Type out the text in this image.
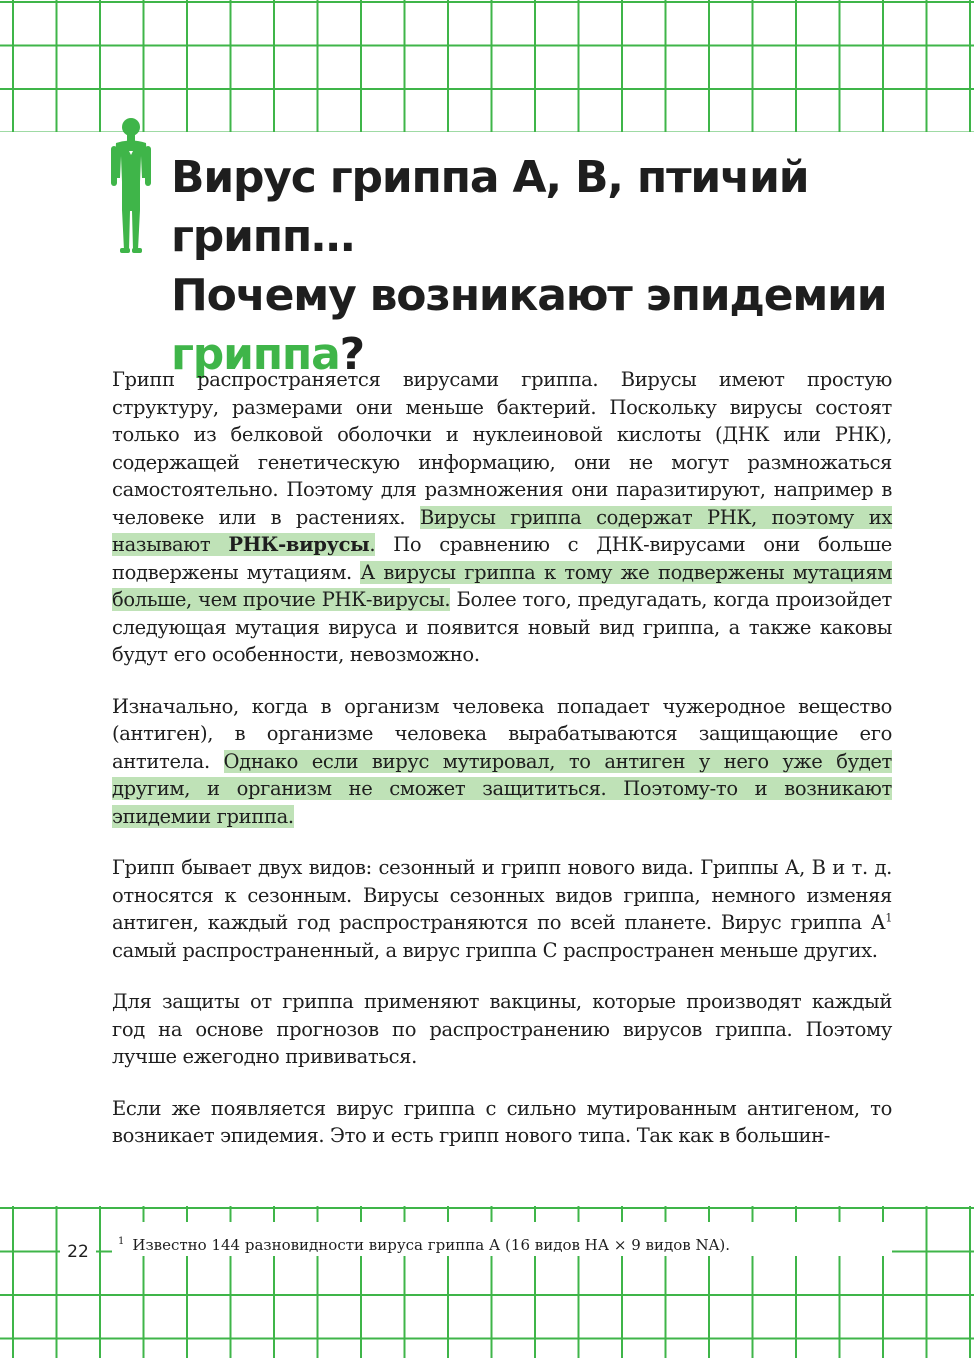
Вирус гриппа А, В, птичий грипп…
Почему возникают эпидемии
гриппа?

Грипп распространяется вирусами гриппа. Вирусы имеют простую структуру, размерами они меньше бактерий. Поскольку вирусы состоят только из белковой оболочки и нуклеиновой кислоты (ДНК или РНК), содержащей генетическую информацию, они не могут размножаться самостоятельно. Поэтому для размножения они паразитируют, например в человеке или в растениях. Вирусы гриппа содержат РНК, поэтому их называют РНК-вирусы. По сравнению с ДНК-вирусами они больше подвержены мутациям. А вирусы гриппа к тому же подвержены мутациям больше, чем прочие РНК-вирусы. Более того, предугадать, когда произойдет следующая мутация вируса и появится новый вид гриппа, а также каковы будут его особенности, невозможно.

Изначально, когда в организм человека попадает чужеродное вещество (антиген), в организме человека вырабатываются защищающие его антитела. Однако если вирус мутировал, то антиген у него уже будет другим, и организм не сможет защититься. Поэтому-то и возникают эпидемии гриппа.

Грипп бывает двух видов: сезонный и грипп нового вида. Гриппы А, В и т. д. относятся к сезонным. Вирусы сезонных видов гриппа, немного изменяя антиген, каждый год распространяются по всей планете. Вирус гриппа $А^1$ самый распространенный, а вирус гриппа С распространен меньше других.

Для защиты от гриппа применяют вакцины, которые производят каждый год на основе прогнозов по распространению вирусов гриппа. Поэтому лучше ежегодно прививаться.

Если же появляется вирус гриппа с сильно мутированным антигеном, то возникает эпидемия. Это и есть грипп нового типа. Так как в большин-

$^1$ Известно 144 разновидности вируса гриппа А (16 видов НА × 9 видов NA).

22
